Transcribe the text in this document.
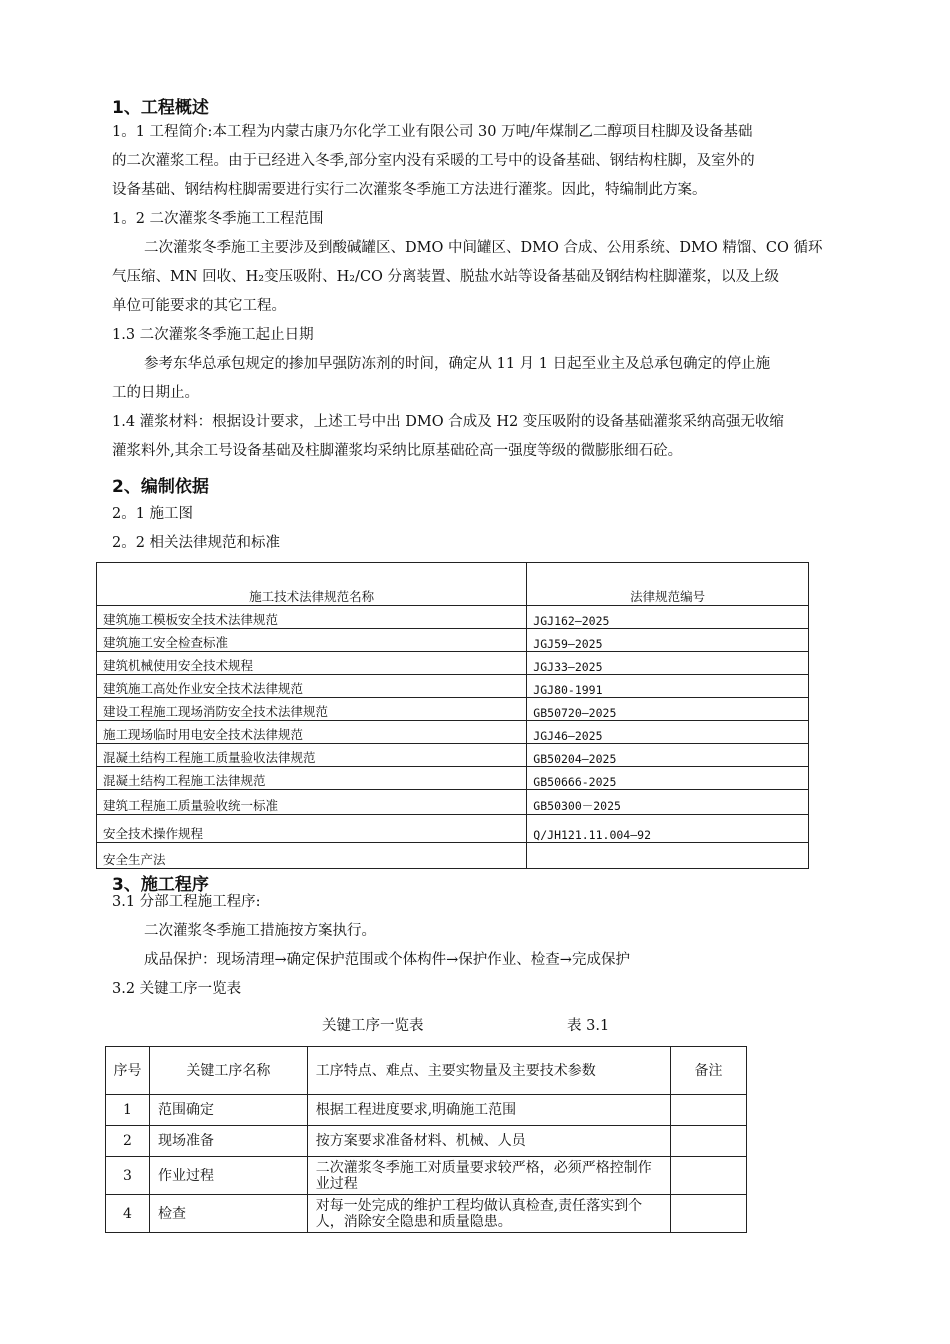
1、工程概述

1。1 工程简介:本工程为内蒙古康乃尔化学工业有限公司 30 万吨/年煤制乙二醇项目柱脚及设备基础

的二次灌浆工程。由于已经进入冬季,部分室内没有采暖的工号中的设备基础、钢结构柱脚，及室外的

设备基础、钢结构柱脚需要进行实行二次灌浆冬季施工方法进行灌浆。因此，特编制此方案。

1。2 二次灌浆冬季施工工程范围

二次灌浆冬季施工主要涉及到酸碱罐区、DMO 中间罐区、DMO 合成、公用系统、DMO 精馏、CO 循环

气压缩、MN 回收、H₂变压吸附、H₂/CO 分离装置、脱盐水站等设备基础及钢结构柱脚灌浆，以及上级

单位可能要求的其它工程。

1.3 二次灌浆冬季施工起止日期

参考东华总承包规定的掺加早强防冻剂的时间，确定从 11 月 1 日起至业主及总承包确定的停止施

工的日期止。

1.4 灌浆材料：根据设计要求，上述工号中出 DMO 合成及 H2 变压吸附的设备基础灌浆采纳高强无收缩

灌浆料外,其余工号设备基础及柱脚灌浆均采纳比原基础砼高一强度等级的微膨胀细石砼。

2、编制依据

2。1 施工图

2。2 相关法律规范和标准

施工技术法律规范名称	法律规范编号
建筑施工模板安全技术法律规范	JGJ162—2025
建筑施工安全检查标准	JGJ59—2025
建筑机械使用安全技术规程	JGJ33—2025
建筑施工高处作业安全技术法律规范	JGJ80-1991
建设工程施工现场消防安全技术法律规范	GB50720—2025
施工现场临时用电安全技术法律规范	JGJ46—2025
混凝土结构工程施工质量验收法律规范	GB50204—2025
混凝土结构工程施工法律规范	GB50666-2025
建筑工程施工质量验收统一标准	GB50300－2025
安全技术操作规程	Q/JH121.11.004—92
安全生产法	
3、施工程序

3.1 分部工程施工程序:

二次灌浆冬季施工措施按方案执行。

成品保护：现场清理→确定保护范围或个体构件→保护作业、检查→完成保护

3.2 关键工序一览表

关键工序一览表	表 3.1
序号	关键工序名称	工序特点、难点、主要实物量及主要技术参数	备注
1	范围确定	根据工程进度要求,明确施工范围	
2	现场准备	按方案要求准备材料、机械、人员	
3	作业过程	二次灌浆冬季施工对质量要求较严格，必须严格控制作业过程	
4	检查	对每一处完成的维护工程均做认真检查,责任落实到个人，消除安全隐患和质量隐患。	
